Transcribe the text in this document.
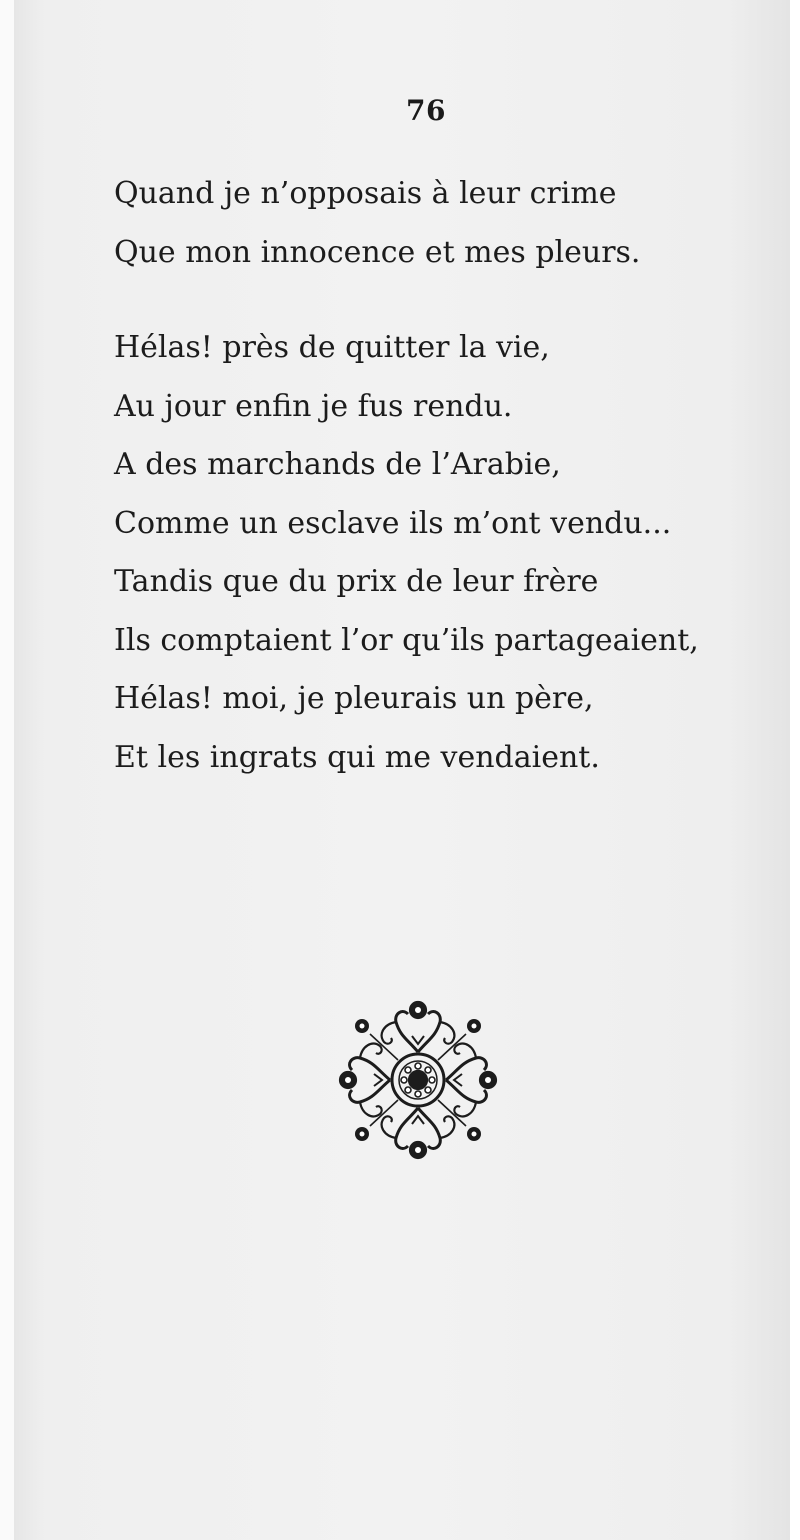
76
Quand je n’opposais à leur crime
Que mon innocence et mes pleurs.
Hélas! près de quitter la vie,
Au jour enfin je fus rendu.
A des marchands de l’Arabie,
Comme un esclave ils m’ont vendu...
Tandis que du prix de leur frère
Ils comptaient l’or qu’ils partageaient,
Hélas! moi, je pleurais un père,
Et les ingrats qui me vendaient.
